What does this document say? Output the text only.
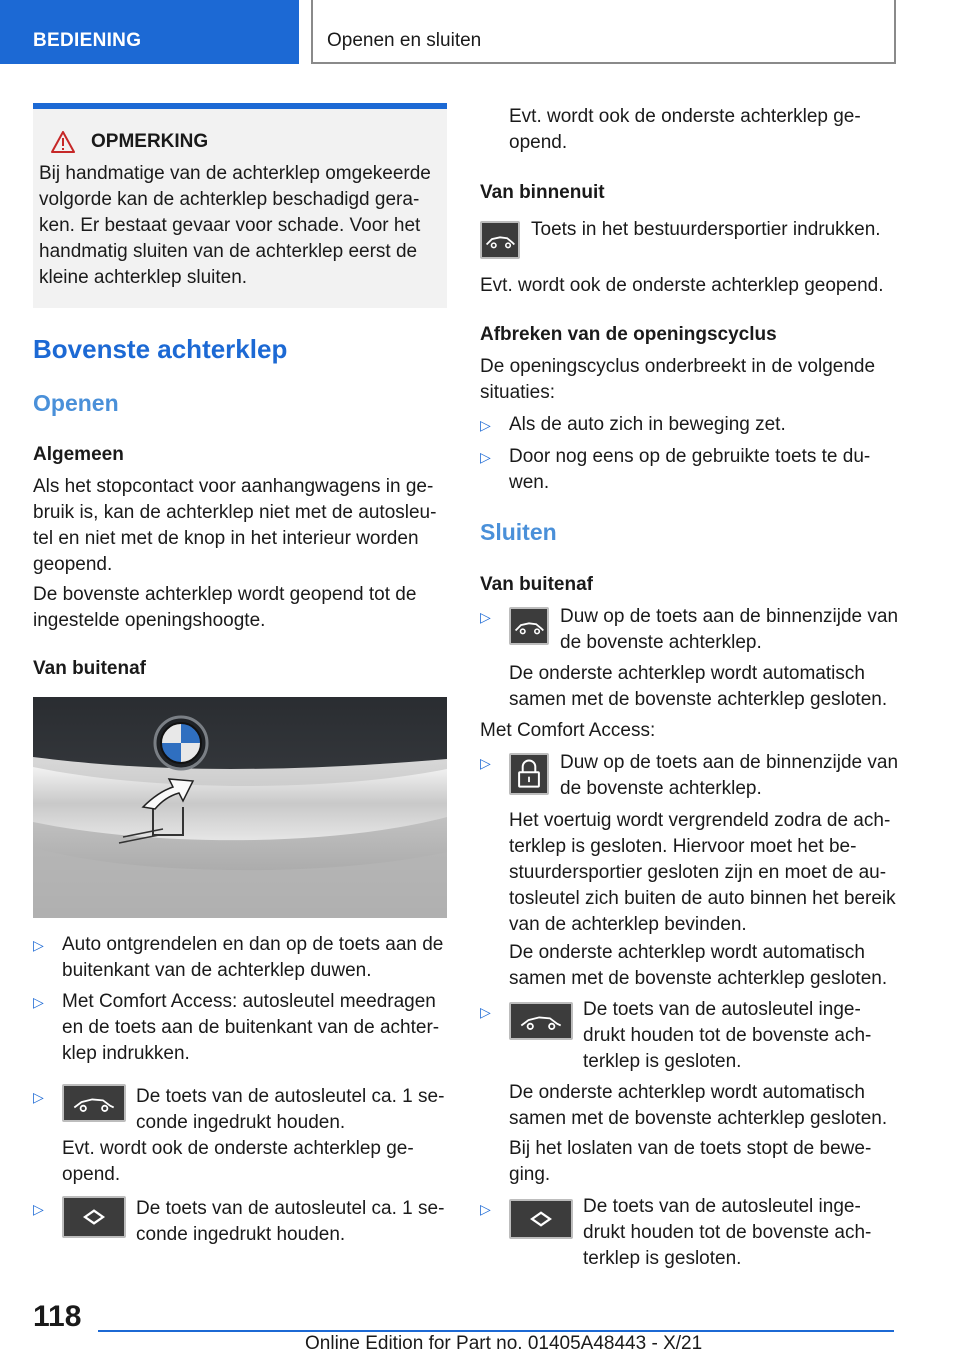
BEDIENING	Openen en sluiten
OPMERKING
Bij handmatige van de achterklep omgekeerde volgorde kan de achterklep beschadigd geraken. Er bestaat gevaar voor schade. Voor het handmatig sluiten van de achterklep eerst de kleine achterklep sluiten.
Bovenste achterklep
Openen
Algemeen
Als het stopcontact voor aanhangwagens in gebruik is, kan de achterklep niet met de autosleutel en niet met de knop in het interieur worden geopend.
De bovenste achterklep wordt geopend tot de ingestelde openingshoogte.
Van buitenaf
▷ Auto ontgrendelen en dan op de toets aan de buitenkant van de achterklep duwen.
▷ Met Comfort Access: autosleutel meedragen en de toets aan de buitenkant van de achterklep indrukken.
▷	De toets van de autosleutel ca. 1 seconde ingedrukt houden.
Evt. wordt ook de onderste achterklep geopend.
▷	De toets van de autosleutel ca. 1 seconde ingedrukt houden.
Evt. wordt ook de onderste achterklep geopend.
Van binnenuit
Toets in het bestuurdersportier indrukken.
Evt. wordt ook de onderste achterklep geopend.
Afbreken van de openingscyclus
De openingscyclus onderbreekt in de volgende situaties:
▷ Als de auto zich in beweging zet.
▷ Door nog eens op de gebruikte toets te duwen.
Sluiten
Van buitenaf
▷	Duw op de toets aan de binnenzijde van de bovenste achterklep.
De onderste achterklep wordt automatisch samen met de bovenste achterklep gesloten.
Met Comfort Access:
▷	Duw op de toets aan de binnenzijde van de bovenste achterklep.
Het voertuig wordt vergrendeld zodra de achterklep is gesloten. Hiervoor moet het bestuurdersportier gesloten zijn en moet de autosleutel zich buiten de auto binnen het bereik van de achterklep bevinden.
De onderste achterklep wordt automatisch samen met de bovenste achterklep gesloten.
▷	De toets van de autosleutel ingedrukt houden tot de bovenste achterklep is gesloten.
De onderste achterklep wordt automatisch samen met de bovenste achterklep gesloten.
Bij het loslaten van de toets stopt de beweging.
▷	De toets van de autosleutel ingedrukt houden tot de bovenste achterklep is gesloten.
118
Online Edition for Part no. 01405A48443 - X/21
